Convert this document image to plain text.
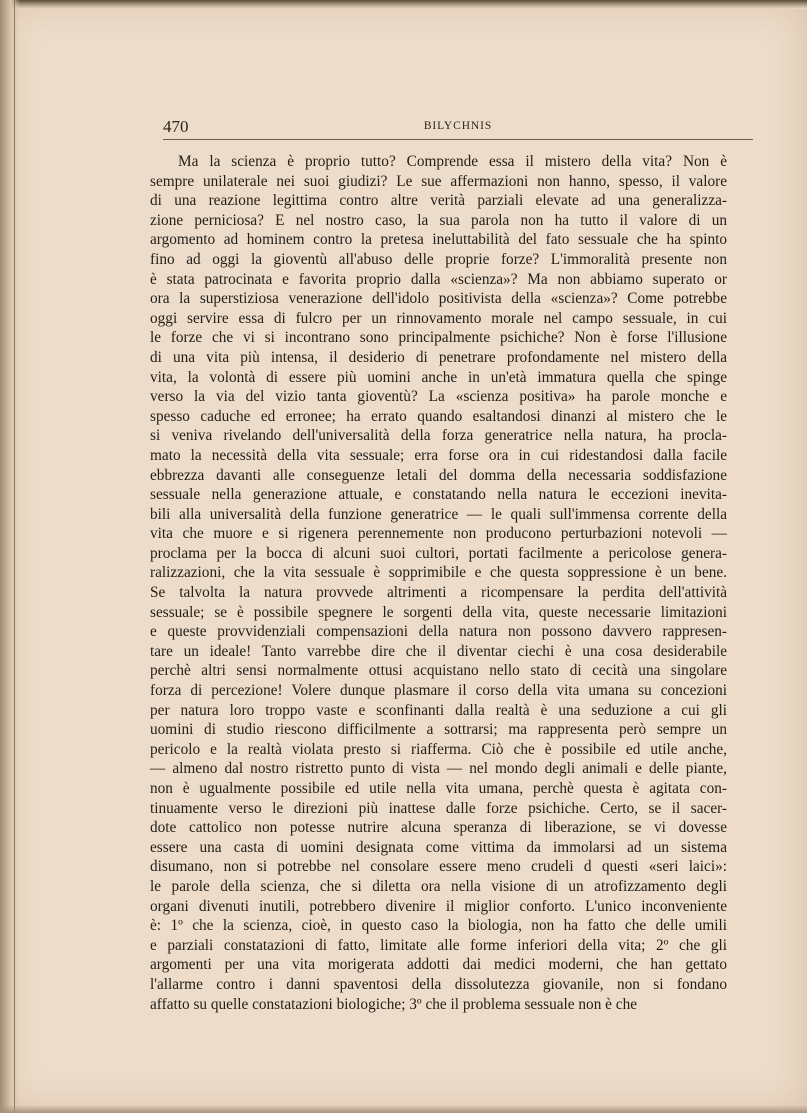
470	BILYCHNIS
Ma la scienza è proprio tutto? Comprende essa il mistero della vita? Non è
sempre unilaterale nei suoi giudizi? Le sue affermazioni non hanno, spesso, il valore
di una reazione legittima contro altre verità parziali elevate ad una generalizza-
zione perniciosa? E nel nostro caso, la sua parola non ha tutto il valore di un
argomento ad hominem contro la pretesa ineluttabilità del fato sessuale che ha spinto
fino ad oggi la gioventù all'abuso delle proprie forze? L'immoralità presente non
è stata patrocinata e favorita proprio dalla «scienza»? Ma non abbiamo superato or
ora la superstiziosa venerazione dell'idolo positivista della «scienza»? Come potrebbe
oggi servire essa di fulcro per un rinnovamento morale nel campo sessuale, in cui
le forze che vi si incontrano sono principalmente psichiche? Non è forse l'illusione
di una vita più intensa, il desiderio di penetrare profondamente nel mistero della
vita, la volontà di essere più uomini anche in un'età immatura quella che spinge
verso la via del vizio tanta gioventù? La «scienza positiva» ha parole monche e
spesso caduche ed erronee; ha errato quando esaltandosi dinanzi al mistero che le
si veniva rivelando dell'universalità della forza generatrice nella natura, ha procla-
mato la necessità della vita sessuale; erra forse ora in cui ridestandosi dalla facile
ebbrezza davanti alle conseguenze letali del domma della necessaria soddisfazione
sessuale nella generazione attuale, e constatando nella natura le eccezioni inevita-
bili alla universalità della funzione generatrice — le quali sull'immensa corrente della
vita che muore e si rigenera perennemente non producono perturbazioni notevoli —
proclama per la bocca di alcuni suoi cultori, portati facilmente a pericolose genera-
ralizzazioni, che la vita sessuale è sopprimibile e che questa soppressione è un bene.
Se talvolta la natura provvede altrimenti a ricompensare la perdita dell'attività
sessuale; se è possibile spegnere le sorgenti della vita, queste necessarie limitazioni
e queste provvidenziali compensazioni della natura non possono davvero rappresen-
tare un ideale! Tanto varrebbe dire che il diventar ciechi è una cosa desiderabile
perchè altri sensi normalmente ottusi acquistano nello stato di cecità una singolare
forza di percezione! Volere dunque plasmare il corso della vita umana su concezioni
per natura loro troppo vaste e sconfinanti dalla realtà è una seduzione a cui gli
uomini di studio riescono difficilmente a sottrarsi; ma rappresenta però sempre un
pericolo e la realtà violata presto si riafferma. Ciò che è possibile ed utile anche,
— almeno dal nostro ristretto punto di vista — nel mondo degli animali e delle piante,
non è ugualmente possibile ed utile nella vita umana, perchè questa è agitata con-
tinuamente verso le direzioni più inattese dalle forze psichiche. Certo, se il sacer-
dote cattolico non potesse nutrire alcuna speranza di liberazione, se vi dovesse
essere una casta di uomini designata come vittima da immolarsi ad un sistema
disumano, non si potrebbe nel consolare essere meno crudeli d questi «seri laici»:
le parole della scienza, che si diletta ora nella visione di un atrofizzamento degli
organi divenuti inutili, potrebbero divenire il miglior conforto. L'unico inconveniente
è: 1º che la scienza, cioè, in questo caso la biologia, non ha fatto che delle umili
e parziali constatazioni di fatto, limitate alle forme inferiori della vita; 2º che gli
argomenti per una vita morigerata addotti dai medici moderni, che han gettato
l'allarme contro i danni spaventosi della dissolutezza giovanile, non si fondano
affatto su quelle constatazioni biologiche; 3º che il problema sessuale non è che
